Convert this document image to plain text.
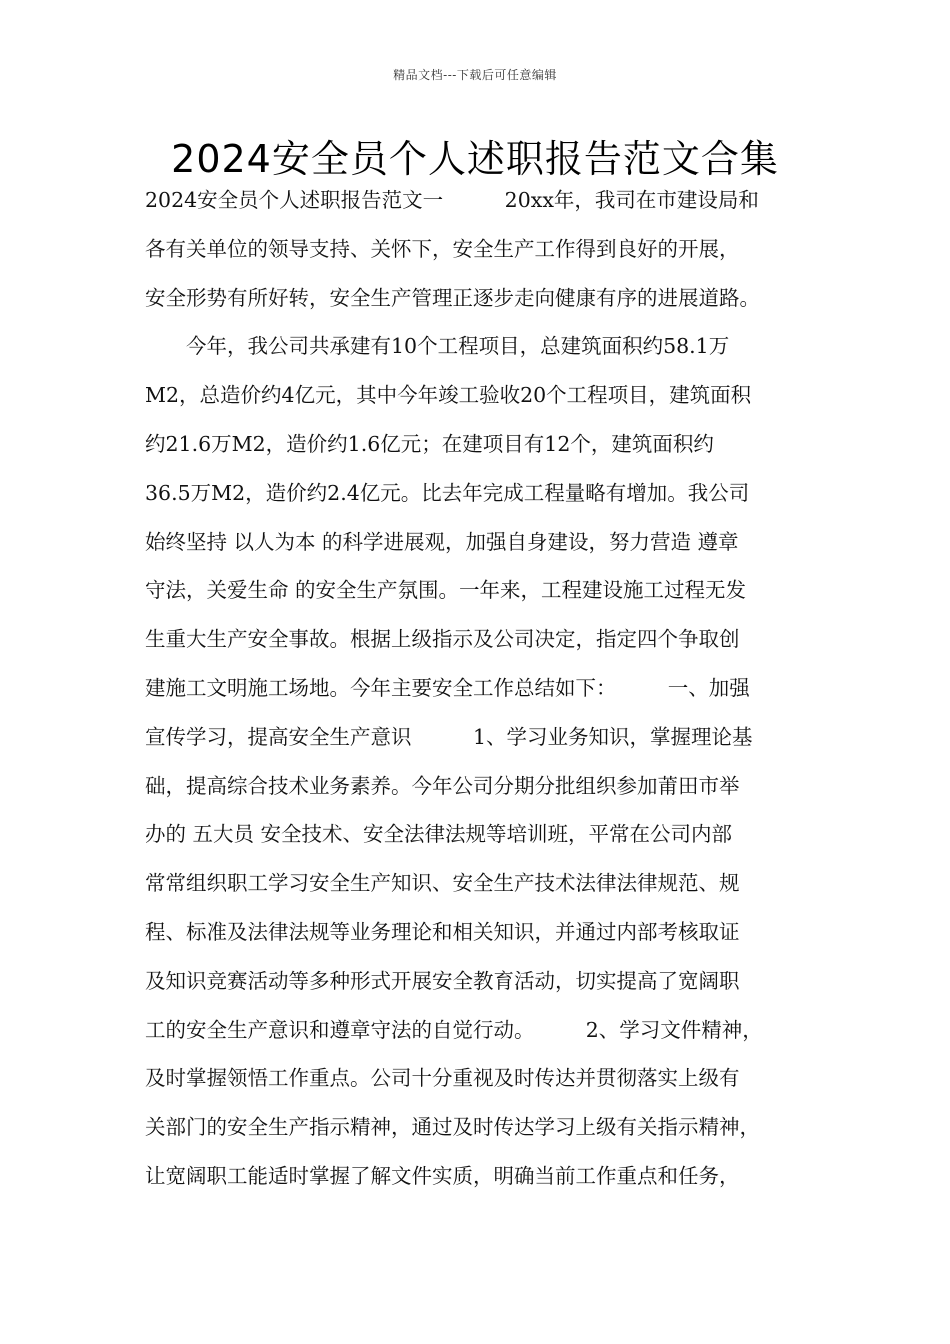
精品文档---下载后可任意编辑
2024安全员个人述职报告范文合集
2024安全员个人述职报告范文一　　　20xx年，我司在市建设局和
各有关单位的领导支持、关怀下，安全生产工作得到良好的开展，
安全形势有所好转，安全生产管理正逐步走向健康有序的进展道路。
　　今年，我公司共承建有10个工程项目，总建筑面积约58.1万
M2，总造价约4亿元，其中今年竣工验收20个工程项目，建筑面积
约21.6万M2，造价约1.6亿元；在建项目有12个，建筑面积约
36.5万M2，造价约2.4亿元。比去年完成工程量略有增加。我公司
始终坚持 以人为本 的科学进展观，加强自身建设，努力营造 遵章
守法，关爱生命 的安全生产氛围。一年来，工程建设施工过程无发
生重大生产安全事故。根据上级指示及公司决定，指定四个争取创
建施工文明施工场地。今年主要安全工作总结如下：　　　一、加强
宣传学习，提高安全生产意识　　　1、学习业务知识，掌握理论基
础，提高综合技术业务素养。今年公司分期分批组织参加莆田市举
办的 五大员 安全技术、安全法律法规等培训班，平常在公司内部
常常组织职工学习安全生产知识、安全生产技术法律法律规范、规
程、标准及法律法规等业务理论和相关知识，并通过内部考核取证
及知识竞赛活动等多种形式开展安全教育活动，切实提高了宽阔职
工的安全生产意识和遵章守法的自觉行动。　　　2、学习文件精神，
及时掌握领悟工作重点。公司十分重视及时传达并贯彻落实上级有
关部门的安全生产指示精神，通过及时传达学习上级有关指示精神，
让宽阔职工能适时掌握了解文件实质，明确当前工作重点和任务，
